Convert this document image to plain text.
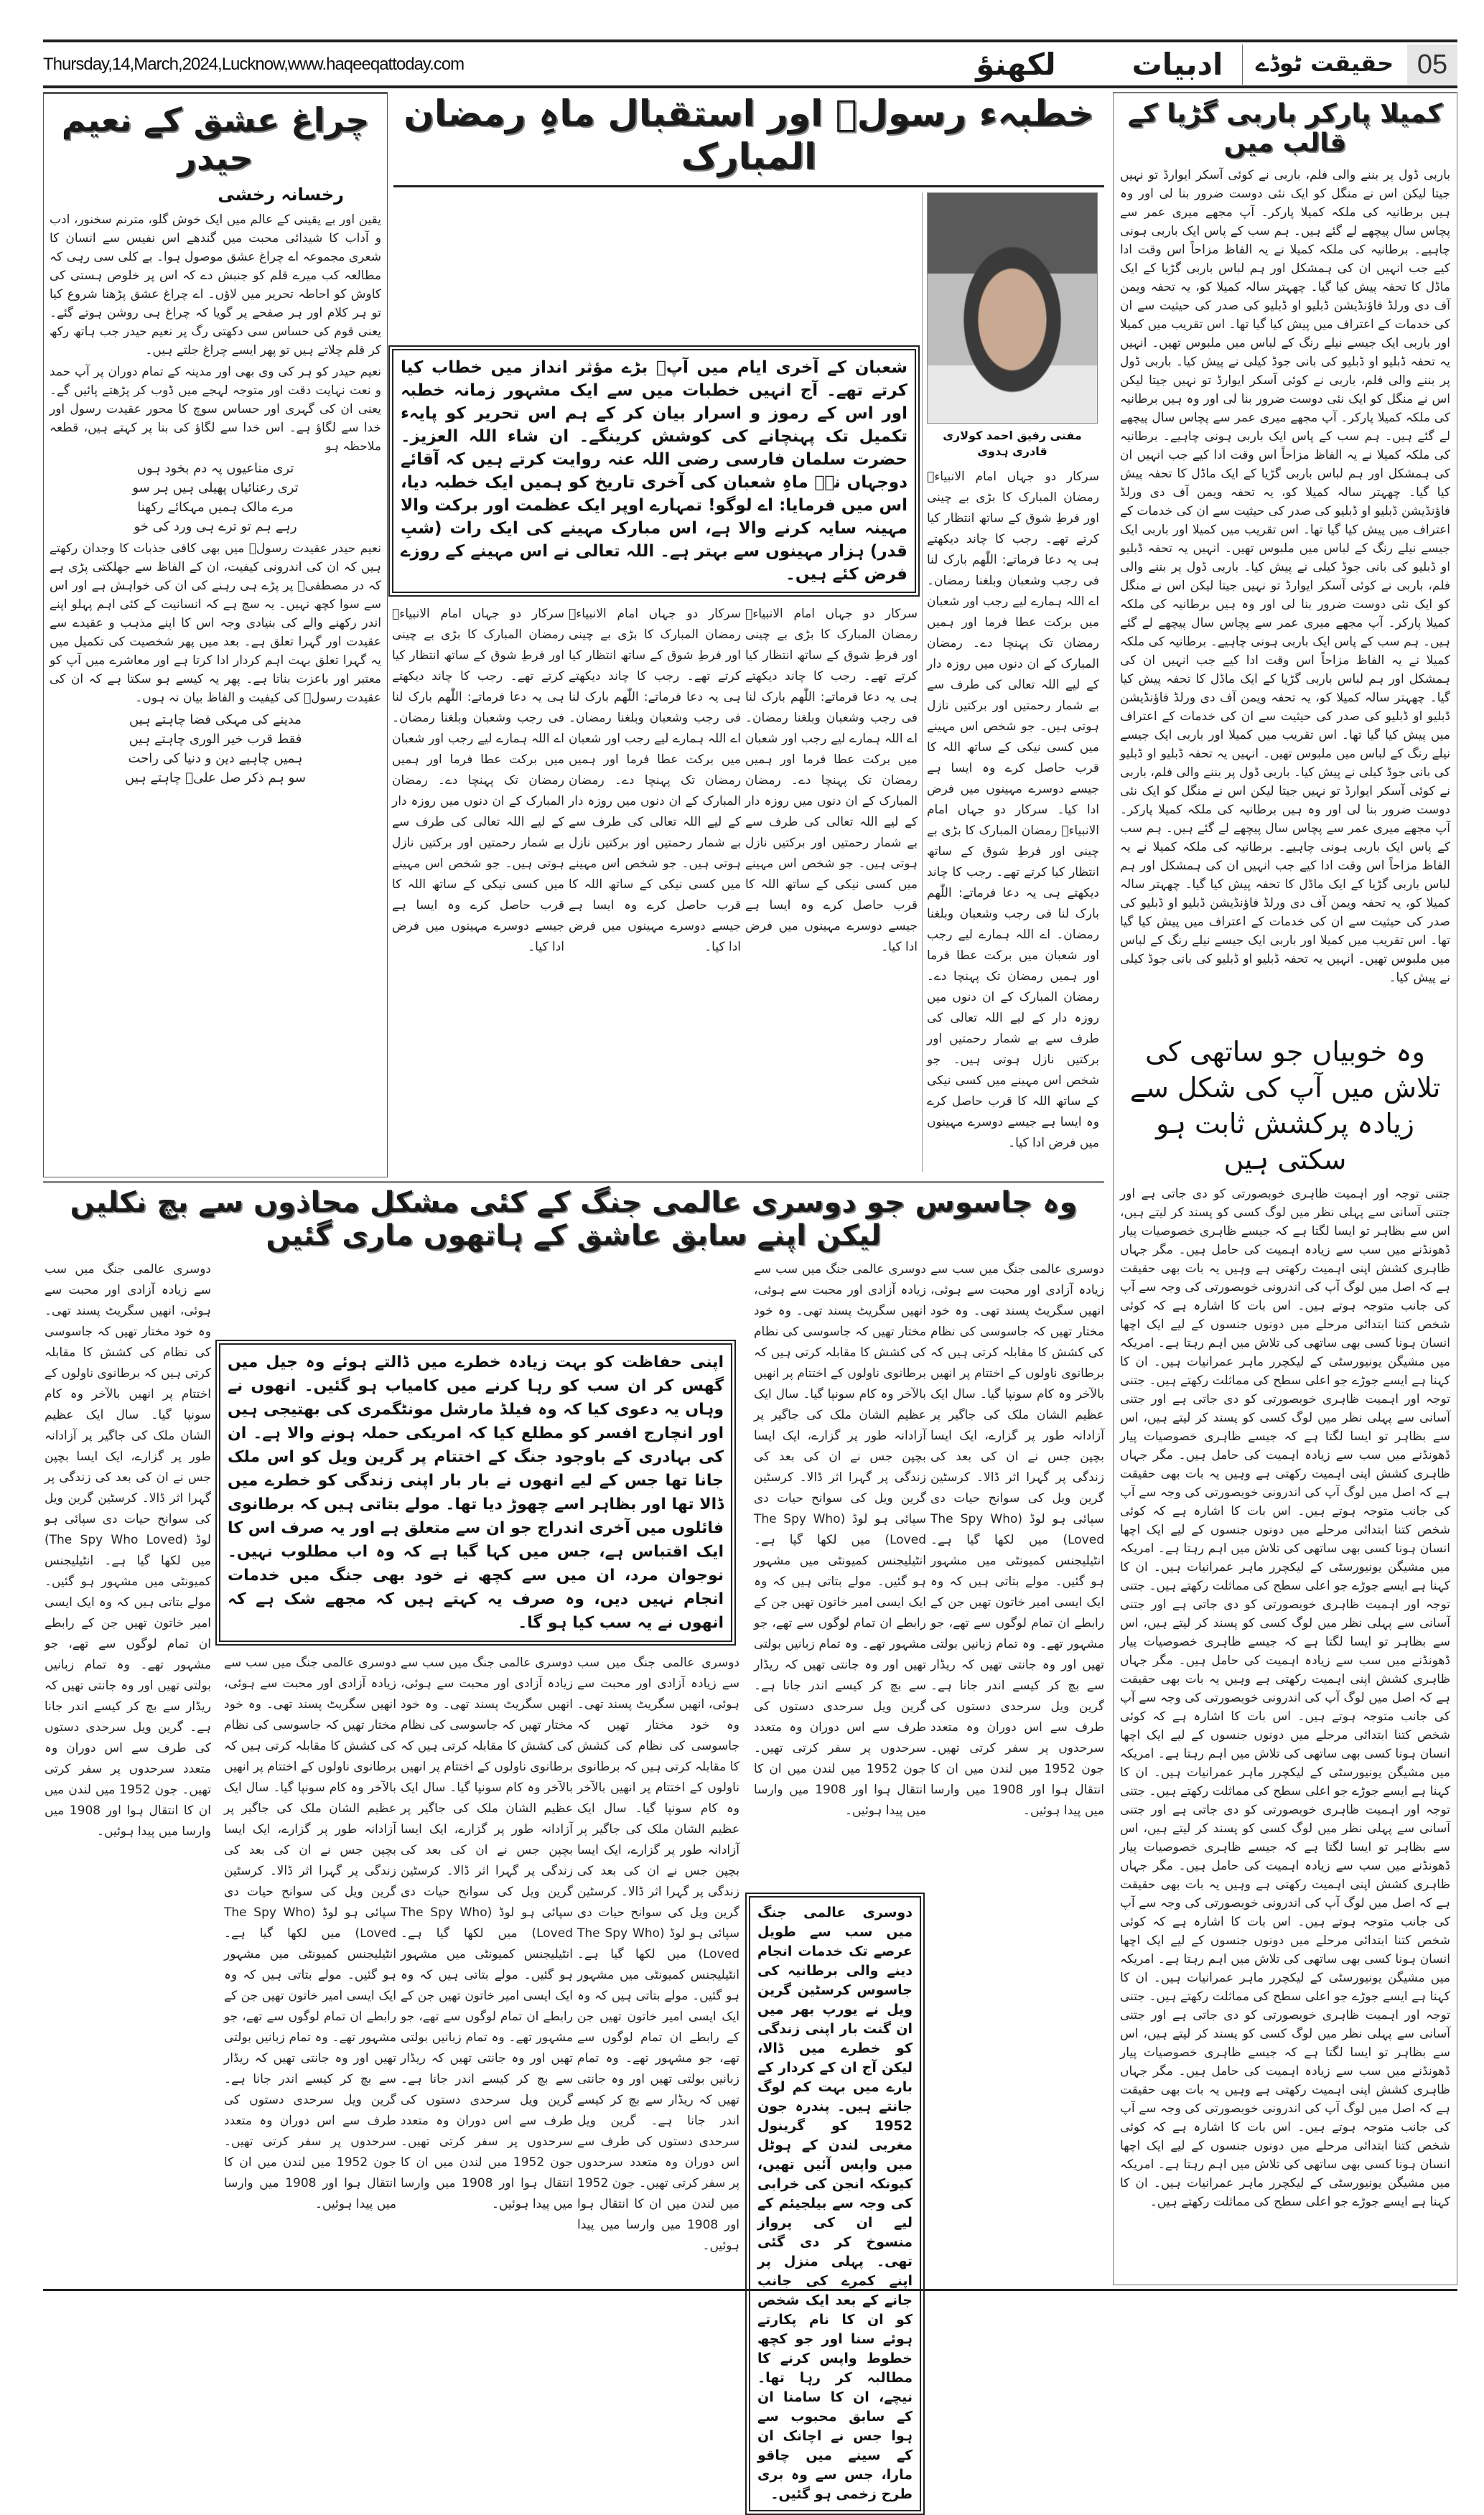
Thursday,14,March,2024,Lucknow,www.haqeeqattoday.com	لکھنؤ	ادبیات	حقیقت ٹوڈے 05
چراغ عشق کے نعیم حیدر
رخسانہ رخشی

یقین اور بے یقینی کے عالم میں ایک خوش گلو، مترنم سخنور، ادب و آداب کا شیدائی محبت میں گندھے اس نفیس سے انسان کا شعری مجموعہ اے چراغ عشق موصول ہوا۔ بے کلی سی رہی کہ مطالعہ کب میرے قلم کو جنبش دے کہ اس پر خلوص ہستی کی کاوش کو احاطہ تحریر میں لاؤں۔ اے چراغ عشق پڑھنا شروع کیا تو ہر کلام اور ہر صفحے پر گویا کہ چراغ ہی روشن ہوتے گئے۔ یعنی قوم کی حساس سی دکھتی رگ پر نعیم حیدر جب ہاتھ رکھ کر قلم چلاتے ہیں تو پھر ایسے چراغ جلتے ہیں۔

نعیم حیدر کو ہر کی وی بھی اور مدینہ کے تمام دوران پر آپ حمد و نعت نہایت دقت اور متوجہ لہجے میں ڈوب کر پڑھتے پائیں گے۔ یعنی ان کی گہری اور حساس سوچ کا محور عقیدت رسول اور خدا سے لگاؤ ہے۔ اس خدا سے لگاؤ کی بنا پر کہتے ہیں، قطعہ ملاحظہ ہو

تری مناعیوں پہ دم بخود ہوں
تری رعنائیاں پھیلی ہیں ہر سو
مرے مالک ہمیں مہکائے رکھنا
رہے ہم تو ترے ہی ورد کی خو

نعیم حیدر عقیدت رسولؐ میں بھی کافی جذبات کا وجدان رکھتے ہیں کہ ان کی اندرونی کیفیت، ان کے الفاظ سے جھلکتی پڑی ہے کہ در مصطفیؐ پر پڑے ہی رہنے کی ان کی خواہش ہے اور اس سے سوا کچھ نہیں۔ یہ سچ ہے کہ انسانیت کے کئی اہم پہلو اپنے اندر رکھنے والے کی بنیادی وجہ اس کا اپنے مذہب و عقیدے سے عقیدت اور گہرا تعلق ہے۔ بعد میں پھر شخصیت کی تکمیل میں یہ گہرا تعلق بہت اہم کردار ادا کرتا ہے اور معاشرے میں آپ کو معتبر اور باعزت بناتا ہے۔ پھر یہ کیسے ہو سکتا ہے کہ ان کی عقیدت رسولؐ کی کیفیت و الفاظ بیان نہ ہوں۔

مدینے کی مہکی فضا چاہتے ہیں
فقط قرب خیر الوری چاہتے ہیں
ہمیں چاہیے دین و دنیا کی راحت
سو ہم ذکر صل علیؐ چاہتے ہیں
خطبہء رسولؐ اور استقبال ماہِ رمضان المبارک
مفتی رفیق احمد کولاری قادری ہدوی
سرکار دو جہاں امام الانبیاءؐ رمضان المبارک کا بڑی بے چینی اور فرطِ شوق کے ساتھ انتظار کیا کرتے تھے۔ رجب کا چاند دیکھتے ہی یہ دعا فرماتے: اللّٰھم بارک لنا فی رجب وشعبان وبلغنا رمضان۔ اے اللہ ہمارے لیے رجب اور شعبان میں برکت عطا فرما اور ہمیں رمضان تک پہنچا دے۔ رمضان المبارک کے ان دنوں میں روزہ دار کے لیے اللہ تعالی کی طرف سے بے شمار رحمتیں اور برکتیں نازل ہوتی ہیں۔ جو شخص اس مہینے میں کسی نیکی کے ساتھ اللہ کا قرب حاصل کرے وہ ایسا ہے جیسے دوسرے مہینوں میں فرض ادا کیا۔ سرکار دو جہاں امام الانبیاءؐ رمضان المبارک کا بڑی بے چینی اور فرطِ شوق کے ساتھ انتظار کیا کرتے تھے۔ رجب کا چاند دیکھتے ہی یہ دعا فرماتے: اللّٰھم بارک لنا فی رجب وشعبان وبلغنا رمضان۔ اے اللہ ہمارے لیے رجب اور شعبان میں برکت عطا فرما اور ہمیں رمضان تک پہنچا دے۔ رمضان المبارک کے ان دنوں میں روزہ دار کے لیے اللہ تعالی کی طرف سے بے شمار رحمتیں اور برکتیں نازل ہوتی ہیں۔ جو شخص اس مہینے میں کسی نیکی کے ساتھ اللہ کا قرب حاصل کرے وہ ایسا ہے جیسے دوسرے مہینوں میں فرض ادا کیا۔
شعبان کے آخری ایام میں آپؐ بڑے مؤثر انداز میں خطاب کیا کرتے تھے۔ آج انہیں خطبات میں سے ایک مشہور زمانہ خطبہ اور اس کے رموز و اسرار بیان کر کے ہم اس تحریر کو پایہء تکمیل تک پہنچانے کی کوشش کرینگے۔ ان شاء اللہ العزیز۔ حضرت سلمان فارسی رضی اللہ عنہ روایت کرتے ہیں کہ آقائے دوجہاں نےؐ ماہِ شعبان کی آخری تاریخ کو ہمیں ایک خطبہ دیا، اس میں فرمایا: اے لوگو! تمہارے اوپر ایک عظمت اور برکت والا مہینہ سایہ کرنے والا ہے، اس مبارک مہینے کی ایک رات (شبِ قدر) ہزار مہینوں سے بہتر ہے۔ اللہ تعالی نے اس مہینے کے روزے فرض کئے ہیں۔
سرکار دو جہاں امام الانبیاءؐ رمضان المبارک کا بڑی بے چینی اور فرطِ شوق کے ساتھ انتظار کیا کرتے تھے۔ رجب کا چاند دیکھتے ہی یہ دعا فرماتے: اللّٰھم بارک لنا فی رجب وشعبان وبلغنا رمضان۔ اے اللہ ہمارے لیے رجب اور شعبان میں برکت عطا فرما اور ہمیں رمضان تک پہنچا دے۔ رمضان المبارک کے ان دنوں میں روزہ دار کے لیے اللہ تعالی کی طرف سے بے شمار رحمتیں اور برکتیں نازل ہوتی ہیں۔ جو شخص اس مہینے میں کسی نیکی کے ساتھ اللہ کا قرب حاصل کرے وہ ایسا ہے جیسے دوسرے مہینوں میں فرض ادا کیا۔
سرکار دو جہاں امام الانبیاءؐ رمضان المبارک کا بڑی بے چینی اور فرطِ شوق کے ساتھ انتظار کیا کرتے تھے۔ رجب کا چاند دیکھتے ہی یہ دعا فرماتے: اللّٰھم بارک لنا فی رجب وشعبان وبلغنا رمضان۔ اے اللہ ہمارے لیے رجب اور شعبان میں برکت عطا فرما اور ہمیں رمضان تک پہنچا دے۔ رمضان المبارک کے ان دنوں میں روزہ دار کے لیے اللہ تعالی کی طرف سے بے شمار رحمتیں اور برکتیں نازل ہوتی ہیں۔ جو شخص اس مہینے میں کسی نیکی کے ساتھ اللہ کا قرب حاصل کرے وہ ایسا ہے جیسے دوسرے مہینوں میں فرض ادا کیا۔
سرکار دو جہاں امام الانبیاءؐ رمضان المبارک کا بڑی بے چینی اور فرطِ شوق کے ساتھ انتظار کیا کرتے تھے۔ رجب کا چاند دیکھتے ہی یہ دعا فرماتے: اللّٰھم بارک لنا فی رجب وشعبان وبلغنا رمضان۔ اے اللہ ہمارے لیے رجب اور شعبان میں برکت عطا فرما اور ہمیں رمضان تک پہنچا دے۔ رمضان المبارک کے ان دنوں میں روزہ دار کے لیے اللہ تعالی کی طرف سے بے شمار رحمتیں اور برکتیں نازل ہوتی ہیں۔ جو شخص اس مہینے میں کسی نیکی کے ساتھ اللہ کا قرب حاصل کرے وہ ایسا ہے جیسے دوسرے مہینوں میں فرض ادا کیا۔
کمیلا پارکر باربی گڑیا کے قالب میں
باربی ڈول پر بننے والی فلم، باربی نے کوئی آسکر ایوارڈ تو نہیں جیتا لیکن اس نے منگل کو ایک نئی دوست ضرور بنا لی اور وہ ہیں برطانیہ کی ملکہ کمیلا پارکر۔ آپ مجھے میری عمر سے پچاس سال پیچھے لے گئے ہیں۔ ہم سب کے پاس ایک باربی ہونی چاہیے۔ برطانیہ کی ملکہ کمیلا نے یہ الفاظ مزاحاً اس وقت ادا کیے جب انہیں ان کی ہمشکل اور ہم لباس باربی گڑیا کے ایک ماڈل کا تحفہ پیش کیا گیا۔ چھہتر سالہ کمیلا کو، یہ تحفہ ویمن آف دی ورلڈ فاؤنڈیشن ڈبلیو او ڈبلیو کی صدر کی حیثیت سے ان کی خدمات کے اعتراف میں پیش کیا گیا تھا۔ اس تقریب میں کمیلا اور باربی ایک جیسے نیلے رنگ کے لباس میں ملبوس تھیں۔ انہیں یہ تحفہ ڈبلیو او ڈبلیو کی بانی جوڈ کیلی نے پیش کیا۔ باربی ڈول پر بننے والی فلم، باربی نے کوئی آسکر ایوارڈ تو نہیں جیتا لیکن اس نے منگل کو ایک نئی دوست ضرور بنا لی اور وہ ہیں برطانیہ کی ملکہ کمیلا پارکر۔ آپ مجھے میری عمر سے پچاس سال پیچھے لے گئے ہیں۔ ہم سب کے پاس ایک باربی ہونی چاہیے۔ برطانیہ کی ملکہ کمیلا نے یہ الفاظ مزاحاً اس وقت ادا کیے جب انہیں ان کی ہمشکل اور ہم لباس باربی گڑیا کے ایک ماڈل کا تحفہ پیش کیا گیا۔ چھہتر سالہ کمیلا کو، یہ تحفہ ویمن آف دی ورلڈ فاؤنڈیشن ڈبلیو او ڈبلیو کی صدر کی حیثیت سے ان کی خدمات کے اعتراف میں پیش کیا گیا تھا۔ اس تقریب میں کمیلا اور باربی ایک جیسے نیلے رنگ کے لباس میں ملبوس تھیں۔ انہیں یہ تحفہ ڈبلیو او ڈبلیو کی بانی جوڈ کیلی نے پیش کیا۔ باربی ڈول پر بننے والی فلم، باربی نے کوئی آسکر ایوارڈ تو نہیں جیتا لیکن اس نے منگل کو ایک نئی دوست ضرور بنا لی اور وہ ہیں برطانیہ کی ملکہ کمیلا پارکر۔ آپ مجھے میری عمر سے پچاس سال پیچھے لے گئے ہیں۔ ہم سب کے پاس ایک باربی ہونی چاہیے۔ برطانیہ کی ملکہ کمیلا نے یہ الفاظ مزاحاً اس وقت ادا کیے جب انہیں ان کی ہمشکل اور ہم لباس باربی گڑیا کے ایک ماڈل کا تحفہ پیش کیا گیا۔ چھہتر سالہ کمیلا کو، یہ تحفہ ویمن آف دی ورلڈ فاؤنڈیشن ڈبلیو او ڈبلیو کی صدر کی حیثیت سے ان کی خدمات کے اعتراف میں پیش کیا گیا تھا۔ اس تقریب میں کمیلا اور باربی ایک جیسے نیلے رنگ کے لباس میں ملبوس تھیں۔ انہیں یہ تحفہ ڈبلیو او ڈبلیو کی بانی جوڈ کیلی نے پیش کیا۔ باربی ڈول پر بننے والی فلم، باربی نے کوئی آسکر ایوارڈ تو نہیں جیتا لیکن اس نے منگل کو ایک نئی دوست ضرور بنا لی اور وہ ہیں برطانیہ کی ملکہ کمیلا پارکر۔ آپ مجھے میری عمر سے پچاس سال پیچھے لے گئے ہیں۔ ہم سب کے پاس ایک باربی ہونی چاہیے۔ برطانیہ کی ملکہ کمیلا نے یہ الفاظ مزاحاً اس وقت ادا کیے جب انہیں ان کی ہمشکل اور ہم لباس باربی گڑیا کے ایک ماڈل کا تحفہ پیش کیا گیا۔ چھہتر سالہ کمیلا کو، یہ تحفہ ویمن آف دی ورلڈ فاؤنڈیشن ڈبلیو او ڈبلیو کی صدر کی حیثیت سے ان کی خدمات کے اعتراف میں پیش کیا گیا تھا۔ اس تقریب میں کمیلا اور باربی ایک جیسے نیلے رنگ کے لباس میں ملبوس تھیں۔ انہیں یہ تحفہ ڈبلیو او ڈبلیو کی بانی جوڈ کیلی نے پیش کیا۔
وہ خوبیاں جو ساتھی کی تلاش میں آپ کی شکل سے زیادہ پرکشش ثابت ہو سکتی ہیں
جتنی توجہ اور اہمیت ظاہری خوبصورتی کو دی جاتی ہے اور جتنی آسانی سے پہلی نظر میں لوگ کسی کو پسند کر لیتے ہیں، اس سے بظاہر تو ایسا لگتا ہے کہ جیسے ظاہری خصوصیات پیار ڈھونڈنے میں سب سے زیادہ اہمیت کی حامل ہیں۔ مگر جہاں ظاہری کشش اپنی اہمیت رکھتی ہے وہیں یہ بات بھی حقیقت ہے کہ اصل میں لوگ آپ کی اندرونی خوبصورتی کی وجہ سے آپ کی جانب متوجہ ہوتے ہیں۔ اس بات کا اشارہ ہے کہ کوئی شخص کتنا ابتدائی مرحلے میں دونوں جنسوں کے لیے ایک اچھا انسان ہونا کسی بھی ساتھی کی تلاش میں اہم رہتا ہے۔ امریکہ میں مشیگن یونیورسٹی کے لیکچرر ماہر عمرانیات ہیں۔ ان کا کہنا ہے ایسے جوڑے جو اعلی سطح کی مماثلت رکھتے ہیں۔ جتنی توجہ اور اہمیت ظاہری خوبصورتی کو دی جاتی ہے اور جتنی آسانی سے پہلی نظر میں لوگ کسی کو پسند کر لیتے ہیں، اس سے بظاہر تو ایسا لگتا ہے کہ جیسے ظاہری خصوصیات پیار ڈھونڈنے میں سب سے زیادہ اہمیت کی حامل ہیں۔ مگر جہاں ظاہری کشش اپنی اہمیت رکھتی ہے وہیں یہ بات بھی حقیقت ہے کہ اصل میں لوگ آپ کی اندرونی خوبصورتی کی وجہ سے آپ کی جانب متوجہ ہوتے ہیں۔ اس بات کا اشارہ ہے کہ کوئی شخص کتنا ابتدائی مرحلے میں دونوں جنسوں کے لیے ایک اچھا انسان ہونا کسی بھی ساتھی کی تلاش میں اہم رہتا ہے۔ امریکہ میں مشیگن یونیورسٹی کے لیکچرر ماہر عمرانیات ہیں۔ ان کا کہنا ہے ایسے جوڑے جو اعلی سطح کی مماثلت رکھتے ہیں۔ جتنی توجہ اور اہمیت ظاہری خوبصورتی کو دی جاتی ہے اور جتنی آسانی سے پہلی نظر میں لوگ کسی کو پسند کر لیتے ہیں، اس سے بظاہر تو ایسا لگتا ہے کہ جیسے ظاہری خصوصیات پیار ڈھونڈنے میں سب سے زیادہ اہمیت کی حامل ہیں۔ مگر جہاں ظاہری کشش اپنی اہمیت رکھتی ہے وہیں یہ بات بھی حقیقت ہے کہ اصل میں لوگ آپ کی اندرونی خوبصورتی کی وجہ سے آپ کی جانب متوجہ ہوتے ہیں۔ اس بات کا اشارہ ہے کہ کوئی شخص کتنا ابتدائی مرحلے میں دونوں جنسوں کے لیے ایک اچھا انسان ہونا کسی بھی ساتھی کی تلاش میں اہم رہتا ہے۔ امریکہ میں مشیگن یونیورسٹی کے لیکچرر ماہر عمرانیات ہیں۔ ان کا کہنا ہے ایسے جوڑے جو اعلی سطح کی مماثلت رکھتے ہیں۔ جتنی توجہ اور اہمیت ظاہری خوبصورتی کو دی جاتی ہے اور جتنی آسانی سے پہلی نظر میں لوگ کسی کو پسند کر لیتے ہیں، اس سے بظاہر تو ایسا لگتا ہے کہ جیسے ظاہری خصوصیات پیار ڈھونڈنے میں سب سے زیادہ اہمیت کی حامل ہیں۔ مگر جہاں ظاہری کشش اپنی اہمیت رکھتی ہے وہیں یہ بات بھی حقیقت ہے کہ اصل میں لوگ آپ کی اندرونی خوبصورتی کی وجہ سے آپ کی جانب متوجہ ہوتے ہیں۔ اس بات کا اشارہ ہے کہ کوئی شخص کتنا ابتدائی مرحلے میں دونوں جنسوں کے لیے ایک اچھا انسان ہونا کسی بھی ساتھی کی تلاش میں اہم رہتا ہے۔ امریکہ میں مشیگن یونیورسٹی کے لیکچرر ماہر عمرانیات ہیں۔ ان کا کہنا ہے ایسے جوڑے جو اعلی سطح کی مماثلت رکھتے ہیں۔ جتنی توجہ اور اہمیت ظاہری خوبصورتی کو دی جاتی ہے اور جتنی آسانی سے پہلی نظر میں لوگ کسی کو پسند کر لیتے ہیں، اس سے بظاہر تو ایسا لگتا ہے کہ جیسے ظاہری خصوصیات پیار ڈھونڈنے میں سب سے زیادہ اہمیت کی حامل ہیں۔ مگر جہاں ظاہری کشش اپنی اہمیت رکھتی ہے وہیں یہ بات بھی حقیقت ہے کہ اصل میں لوگ آپ کی اندرونی خوبصورتی کی وجہ سے آپ کی جانب متوجہ ہوتے ہیں۔ اس بات کا اشارہ ہے کہ کوئی شخص کتنا ابتدائی مرحلے میں دونوں جنسوں کے لیے ایک اچھا انسان ہونا کسی بھی ساتھی کی تلاش میں اہم رہتا ہے۔ امریکہ میں مشیگن یونیورسٹی کے لیکچرر ماہر عمرانیات ہیں۔ ان کا کہنا ہے ایسے جوڑے جو اعلی سطح کی مماثلت رکھتے ہیں۔
وہ جاسوس جو دوسری عالمی جنگ کے کئی مشکل محاذوں سے بچ نکلیں لیکن اپنے سابق عاشق کے ہاتھوں ماری گئیں
دوسری عالمی جنگ میں سب سے زیادہ آزادی اور محبت سے ہوئی، انھیں سگریٹ پسند تھی۔ وہ خود مختار تھیں کہ جاسوسی کی نظام کی کشش کا مقابلہ کرتی ہیں کہ برطانوی ناولوں کے اختتام پر انھیں بالآخر وہ کام سونپا گیا۔ سال ایک عظیم الشان ملک کی جاگیر پر آزادانہ طور پر گزارے، ایک ایسا بچپن جس نے ان کی بعد کی زندگی پر گہرا اثر ڈالا۔ کرسٹین گرین ویل کی سوانح حیات دی سپائی ہو لوڈ (The Spy Who Loved) میں لکھا گیا ہے۔ انٹیلیجنس کمیونٹی میں مشہور ہو گئیں۔ مولے بتاتی ہیں کہ وہ ایک ایسی امیر خاتون تھیں جن کے رابطے ان تمام لوگوں سے تھے، جو مشہور تھے۔ وہ تمام زبانیں بولتی تھیں اور وہ جانتی تھیں کہ ریڈار سے بچ کر کیسے اندر جانا ہے۔ گرین ویل سرحدی دستوں کی طرف سے اس دوران وہ متعدد سرحدوں پر سفر کرتی تھیں۔ جون 1952 میں لندن میں ان کا انتقال ہوا اور 1908 میں وارسا میں پیدا ہوئیں۔
دوسری عالمی جنگ میں سب سے زیادہ آزادی اور محبت سے ہوئی، انھیں سگریٹ پسند تھی۔ وہ خود مختار تھیں کہ جاسوسی کی نظام کی کشش کا مقابلہ کرتی ہیں کہ برطانوی ناولوں کے اختتام پر انھیں بالآخر وہ کام سونپا گیا۔ سال ایک عظیم الشان ملک کی جاگیر پر آزادانہ طور پر گزارے، ایک ایسا بچپن جس نے ان کی بعد کی زندگی پر گہرا اثر ڈالا۔ کرسٹین گرین ویل کی سوانح حیات دی سپائی ہو لوڈ (The Spy Who Loved) میں لکھا گیا ہے۔ انٹیلیجنس کمیونٹی میں مشہور ہو گئیں۔ مولے بتاتی ہیں کہ وہ ایک ایسی امیر خاتون تھیں جن کے رابطے ان تمام لوگوں سے تھے، جو مشہور تھے۔ وہ تمام زبانیں بولتی تھیں اور وہ جانتی تھیں کہ ریڈار سے بچ کر کیسے اندر جانا ہے۔ گرین ویل سرحدی دستوں کی طرف سے اس دوران وہ متعدد سرحدوں پر سفر کرتی تھیں۔ جون 1952 میں لندن میں ان کا انتقال ہوا اور 1908 میں وارسا میں پیدا ہوئیں۔
دوسری عالمی جنگ میں سب سے زیادہ آزادی اور محبت سے ہوئی، انھیں سگریٹ پسند تھی۔ وہ خود مختار تھیں کہ جاسوسی کی نظام کی کشش کا مقابلہ کرتی ہیں کہ برطانوی ناولوں کے اختتام پر انھیں بالآخر وہ کام سونپا گیا۔ سال ایک عظیم الشان ملک کی جاگیر پر آزادانہ طور پر گزارے، ایک ایسا بچپن جس نے ان کی بعد کی زندگی پر گہرا اثر ڈالا۔ کرسٹین گرین ویل کی سوانح حیات دی سپائی ہو لوڈ (The Spy Who Loved) میں لکھا گیا ہے۔ انٹیلیجنس کمیونٹی میں مشہور ہو گئیں۔ مولے بتاتی ہیں کہ وہ ایک ایسی امیر خاتون تھیں جن کے رابطے ان تمام لوگوں سے تھے، جو مشہور تھے۔ وہ تمام زبانیں بولتی تھیں اور وہ جانتی تھیں کہ ریڈار سے بچ کر کیسے اندر جانا ہے۔ گرین ویل سرحدی دستوں کی طرف سے اس دوران وہ متعدد سرحدوں پر سفر کرتی تھیں۔ جون 1952 میں لندن میں ان کا انتقال ہوا اور 1908 میں وارسا میں پیدا ہوئیں۔
اپنی حفاظت کو بہت زیادہ خطرے میں ڈالتے ہوئے وہ جیل میں گھس کر ان سب کو رہا کرنے میں کامیاب ہو گئیں۔ انھوں نے وہاں یہ دعوی کیا کہ وہ فیلڈ مارشل مونٹگمری کی بھتیجی ہیں اور انچارج افسر کو مطلع کیا کہ امریکی حملہ ہونے والا ہے۔ ان کی بہادری کے باوجود جنگ کے اختتام پر گرین ویل کو اس ملک جانا تھا جس کے لیے انھوں نے بار بار اپنی زندگی کو خطرے میں ڈالا تھا اور بظاہر اسے چھوڑ دیا تھا۔ مولے بتاتی ہیں کہ برطانوی فائلوں میں آخری اندراج جو ان سے متعلق ہے اور یہ صرف اس کا ایک اقتباس ہے، جس میں کہا گیا ہے کہ وہ اب مطلوب نہیں۔ نوجوان مرد، ان میں سے کچھ نے خود بھی جنگ میں خدمات انجام نہیں دیں، وہ صرف یہ کہتے ہیں کہ مجھے شک ہے کہ انھوں نے یہ سب کیا ہو گا۔
دوسری عالمی جنگ میں سب سے زیادہ آزادی اور محبت سے ہوئی، انھیں سگریٹ پسند تھی۔ وہ خود مختار تھیں کہ جاسوسی کی نظام کی کشش کا مقابلہ کرتی ہیں کہ برطانوی ناولوں کے اختتام پر انھیں بالآخر وہ کام سونپا گیا۔ سال ایک عظیم الشان ملک کی جاگیر پر آزادانہ طور پر گزارے، ایک ایسا بچپن جس نے ان کی بعد کی زندگی پر گہرا اثر ڈالا۔ کرسٹین گرین ویل کی سوانح حیات دی سپائی ہو لوڈ (The Spy Who Loved) میں لکھا گیا ہے۔ انٹیلیجنس کمیونٹی میں مشہور ہو گئیں۔ مولے بتاتی ہیں کہ وہ ایک ایسی امیر خاتون تھیں جن کے رابطے ان تمام لوگوں سے تھے، جو مشہور تھے۔ وہ تمام زبانیں بولتی تھیں اور وہ جانتی تھیں کہ ریڈار سے بچ کر کیسے اندر جانا ہے۔ گرین ویل سرحدی دستوں کی طرف سے اس دوران وہ متعدد سرحدوں پر سفر کرتی تھیں۔ جون 1952 میں لندن میں ان کا انتقال ہوا اور 1908 میں وارسا میں پیدا ہوئیں۔
دوسری عالمی جنگ میں سب سے زیادہ آزادی اور محبت سے ہوئی، انھیں سگریٹ پسند تھی۔ وہ خود مختار تھیں کہ جاسوسی کی نظام کی کشش کا مقابلہ کرتی ہیں کہ برطانوی ناولوں کے اختتام پر انھیں بالآخر وہ کام سونپا گیا۔ سال ایک عظیم الشان ملک کی جاگیر پر آزادانہ طور پر گزارے، ایک ایسا بچپن جس نے ان کی بعد کی زندگی پر گہرا اثر ڈالا۔ کرسٹین گرین ویل کی سوانح حیات دی سپائی ہو لوڈ (The Spy Who Loved) میں لکھا گیا ہے۔ انٹیلیجنس کمیونٹی میں مشہور ہو گئیں۔ مولے بتاتی ہیں کہ وہ ایک ایسی امیر خاتون تھیں جن کے رابطے ان تمام لوگوں سے تھے، جو مشہور تھے۔ وہ تمام زبانیں بولتی تھیں اور وہ جانتی تھیں کہ ریڈار سے بچ کر کیسے اندر جانا ہے۔ گرین ویل سرحدی دستوں کی طرف سے اس دوران وہ متعدد سرحدوں پر سفر کرتی تھیں۔ جون 1952 میں لندن میں ان کا انتقال ہوا اور 1908 میں وارسا میں پیدا ہوئیں۔
دوسری عالمی جنگ میں سب سے زیادہ آزادی اور محبت سے ہوئی، انھیں سگریٹ پسند تھی۔ وہ خود مختار تھیں کہ جاسوسی کی نظام کی کشش کا مقابلہ کرتی ہیں کہ برطانوی ناولوں کے اختتام پر انھیں بالآخر وہ کام سونپا گیا۔ سال ایک عظیم الشان ملک کی جاگیر پر آزادانہ طور پر گزارے، ایک ایسا بچپن جس نے ان کی بعد کی زندگی پر گہرا اثر ڈالا۔ کرسٹین گرین ویل کی سوانح حیات دی سپائی ہو لوڈ (The Spy Who Loved) میں لکھا گیا ہے۔ انٹیلیجنس کمیونٹی میں مشہور ہو گئیں۔ مولے بتاتی ہیں کہ وہ ایک ایسی امیر خاتون تھیں جن کے رابطے ان تمام لوگوں سے تھے، جو مشہور تھے۔ وہ تمام زبانیں بولتی تھیں اور وہ جانتی تھیں کہ ریڈار سے بچ کر کیسے اندر جانا ہے۔ گرین ویل سرحدی دستوں کی طرف سے اس دوران وہ متعدد سرحدوں پر سفر کرتی تھیں۔ جون 1952 میں لندن میں ان کا انتقال ہوا اور 1908 میں وارسا میں پیدا ہوئیں۔
دوسری عالمی جنگ میں سب سے طویل عرصے تک خدمات انجام دینے والی برطانیہ کی جاسوس کرسٹین گرین ویل نے یورپ بھر میں ان گنت بار اپنی زندگی کو خطرے میں ڈالا، لیکن آج ان کے کردار کے بارے میں بہت کم لوگ جانتے ہیں۔ پندرہ جون 1952 کو گرینول مغربی لندن کے ہوٹل میں واپس آئیں تھیں، کیونکہ انجن کی خرابی کی وجہ سے بیلجیئم کے لیے ان کی پرواز منسوخ کر دی گئی تھی۔ پہلی منزل پر اپنے کمرے کی جانب جانے کے بعد ایک شخص کو ان کا نام پکارتے ہوئے سنا اور جو کچھ خطوط واپس کرنے کا مطالبہ کر رہا تھا۔ نیچے، ان کا سامنا ان کے سابق محبوب سے ہوا جس نے اچانک ان کے سینے میں چاقو مارا، جس سے وہ بری طرح زخمی ہو گئیں۔
